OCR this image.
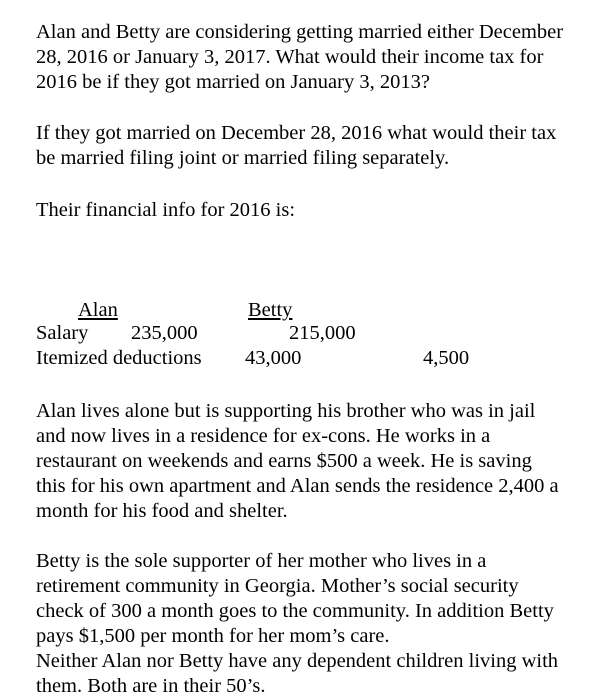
Alan and Betty are considering getting married either December
28, 2016 or January 3, 2017. What would their income tax for
2016 be if they got married on January 3, 2013?

If they got married on December 28, 2016 what would their tax
be married filing joint or married filing separately.

Their financial info for 2016 is:

Alan	Betty
Salary 235,000	215,000
Itemized deductions 43,000	4,500

Alan lives alone but is supporting his brother who was in jail
and now lives in a residence for ex-cons. He works in a
restaurant on weekends and earns $500 a week. He is saving
this for his own apartment and Alan sends the residence 2,400 a
month for his food and shelter.

Betty is the sole supporter of her mother who lives in a
retirement community in Georgia. Mother’s social security
check of 300 a month goes to the community. In addition Betty
pays $1,500 per month for her mom’s care.
Neither Alan nor Betty have any dependent children living with
them. Both are in their 50’s.
